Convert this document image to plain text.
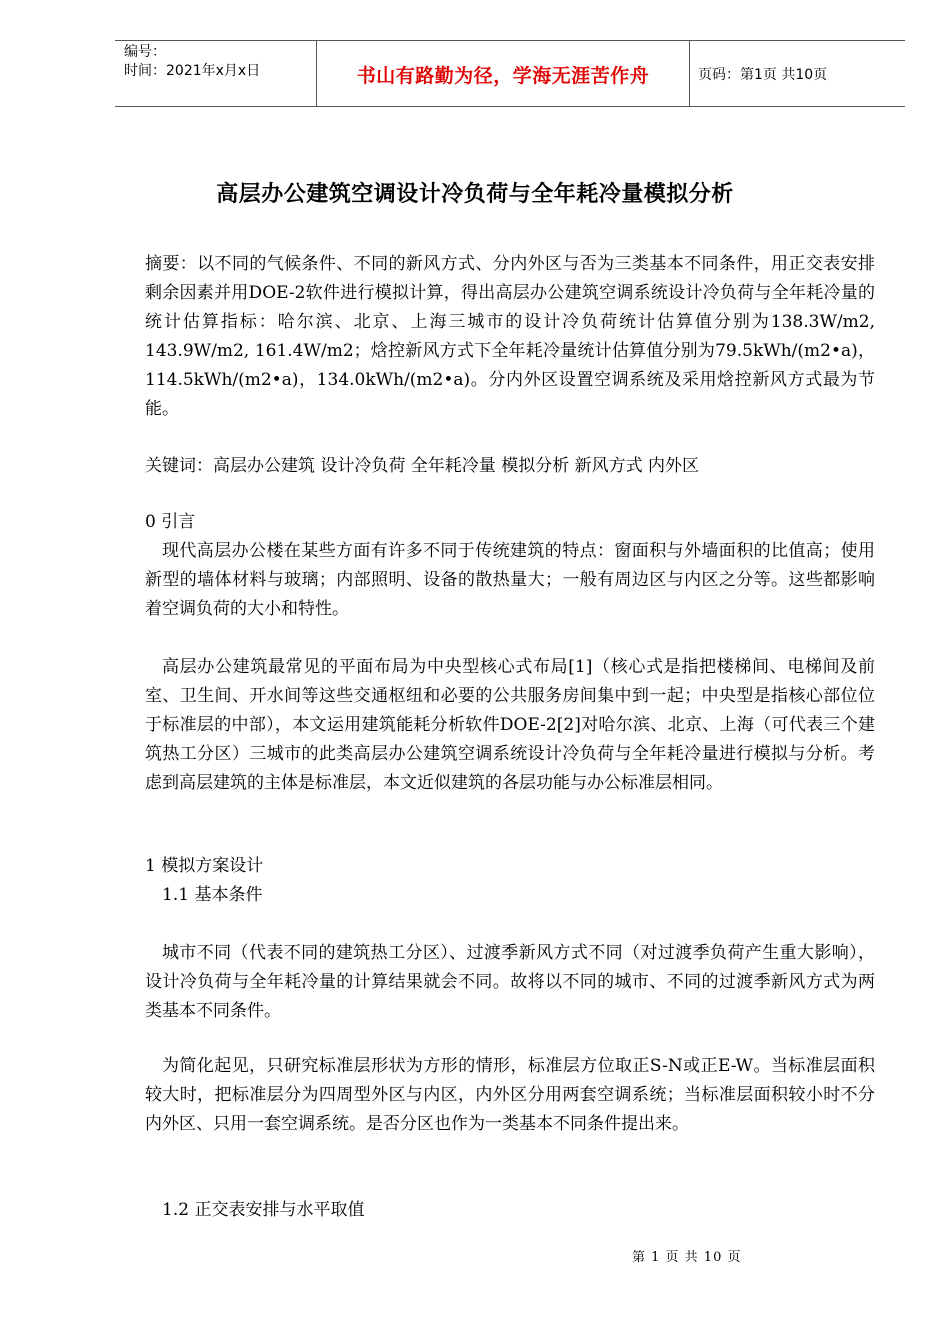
编号：
时间：2021年x月x日	书山有路勤为径，学海无涯苦作舟	页码：第1页 共10页
高层办公建筑空调设计冷负荷与全年耗冷量模拟分析

摘要：以不同的气候条件、不同的新风方式、分内外区与否为三类基本不同条件，用正交表安排剩余因素并用DOE-2软件进行模拟计算，得出高层办公建筑空调系统设计冷负荷与全年耗冷量的统计估算指标：哈尔滨、北京、上海三城市的设计冷负荷统计估算值分别为138.3W/m2, 143.9W/m2, 161.4W/m2；焓控新风方式下全年耗冷量统计估算值分别为79.5kWh/(m2•a)，114.5kWh/(m2•a)，134.0kWh/(m2•a)。分内外区设置空调系统及采用焓控新风方式最为节能。

关键词：高层办公建筑 设计冷负荷 全年耗冷量 模拟分析 新风方式 内外区

0 引言

现代高层办公楼在某些方面有许多不同于传统建筑的特点：窗面积与外墙面积的比值高；使用新型的墙体材料与玻璃；内部照明、设备的散热量大；一般有周边区与内区之分等。这些都影响着空调负荷的大小和特性。

高层办公建筑最常见的平面布局为中央型核心式布局[1]（核心式是指把楼梯间、电梯间及前室、卫生间、开水间等这些交通枢纽和必要的公共服务房间集中到一起；中央型是指核心部位位于标准层的中部），本文运用建筑能耗分析软件DOE-2[2]对哈尔滨、北京、上海（可代表三个建筑热工分区）三城市的此类高层办公建筑空调系统设计冷负荷与全年耗冷量进行模拟与分析。考虑到高层建筑的主体是标准层，本文近似建筑的各层功能与办公标准层相同。

1 模拟方案设计

1.1 基本条件

城市不同（代表不同的建筑热工分区）、过渡季新风方式不同（对过渡季负荷产生重大影响），设计冷负荷与全年耗冷量的计算结果就会不同。故将以不同的城市、不同的过渡季新风方式为两类基本不同条件。

为简化起见，只研究标准层形状为方形的情形，标准层方位取正S-N或正E-W。当标准层面积较大时，把标准层分为四周型外区与内区，内外区分用两套空调系统；当标准层面积较小时不分内外区、只用一套空调系统。是否分区也作为一类基本不同条件提出来。

1.2 正交表安排与水平取值

第 1 页 共 10 页
